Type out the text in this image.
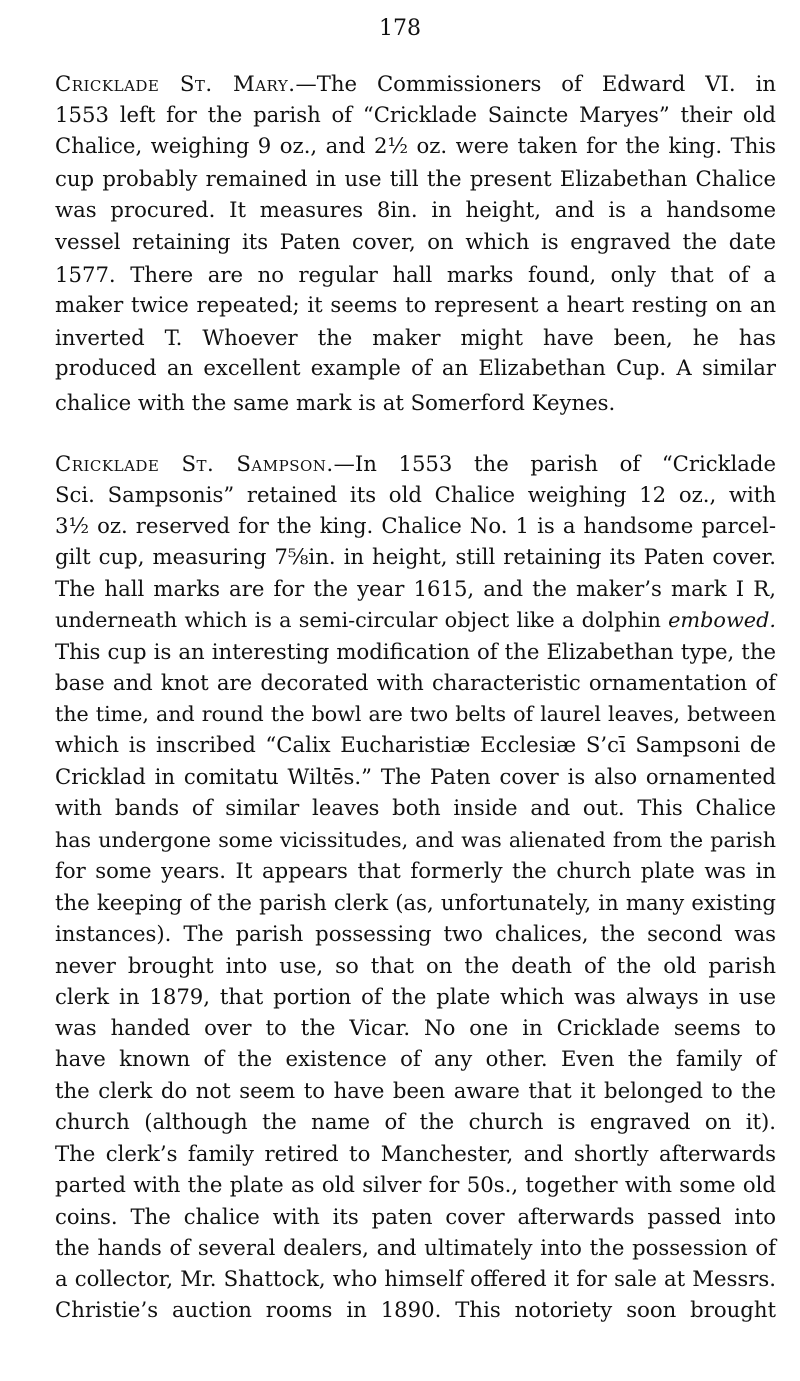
178

Cricklade St. Mary.—The Commissioners of Edward VI. in

1553 left for the parish of “Cricklade Saincte Maryes” their old

Chalice, weighing 9 oz., and 2½ oz. were taken for the king. This

cup probably remained in use till the present Elizabethan Chalice

was procured. It measures 8in. in height, and is a handsome

vessel retaining its Paten cover, on which is engraved the date

1577. There are no regular hall marks found, only that of a

maker twice repeated; it seems to represent a heart resting on an

inverted T. Whoever the maker might have been, he has

produced an excellent example of an Elizabethan Cup. A similar

chalice with the same mark is at Somerford Keynes.

Cricklade St. Sampson.—In 1553 the parish of “Cricklade

Sci. Sampsonis” retained its old Chalice weighing 12 oz., with

3½ oz. reserved for the king. Chalice No. 1 is a handsome parcel-

gilt cup, measuring 7⅝in. in height, still retaining its Paten cover.

The hall marks are for the year 1615, and the maker’s mark I R,

underneath which is a semi-circular object like a dolphin embowed.

This cup is an interesting modification of the Elizabethan type, the

base and knot are decorated with characteristic ornamentation of

the time, and round the bowl are two belts of laurel leaves, between

which is inscribed “Calix Eucharistiæ Ecclesiæ S’cī Sampsoni de

Cricklad in comitatu Wiltēs.” The Paten cover is also ornamented

with bands of similar leaves both inside and out. This Chalice

has undergone some vicissitudes, and was alienated from the parish

for some years. It appears that formerly the church plate was in

the keeping of the parish clerk (as, unfortunately, in many existing

instances). The parish possessing two chalices, the second was

never brought into use, so that on the death of the old parish

clerk in 1879, that portion of the plate which was always in use

was handed over to the Vicar. No one in Cricklade seems to

have known of the existence of any other. Even the family of

the clerk do not seem to have been aware that it belonged to the

church (although the name of the church is engraved on it).

The clerk’s family retired to Manchester, and shortly afterwards

parted with the plate as old silver for 50s., together with some old

coins. The chalice with its paten cover afterwards passed into

the hands of several dealers, and ultimately into the possession of

a collector, Mr. Shattock, who himself offered it for sale at Messrs.

Christie’s auction rooms in 1890. This notoriety soon brought
